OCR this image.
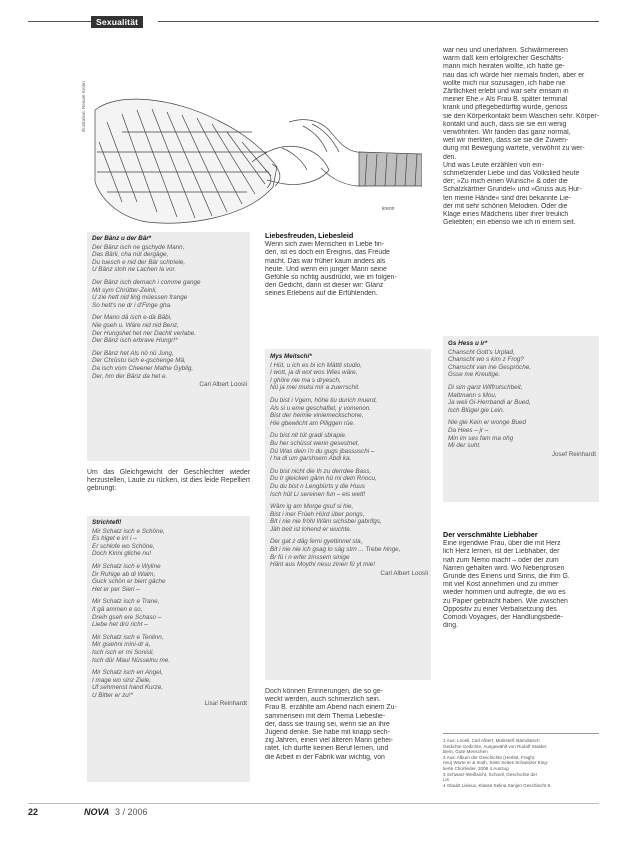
Sexualität
Illustration: Renate Krenn
krenn
Der Bänz u der Bär*
Der Bänz isch ne gschyde Mann,
Das Bärli, cha nüt dergäge,
Du tuesch e nid der Bär schtriele,
U Bänz stoh ne Lachen la vor.
Der Bänz isch dernach i comme gange
Mit sym Chrütter-Zeinli,
U zie hett nid ling müessen frange
So hett's ne dr i d'Finge gha.
Der Mano dä isch e-dä Bäbi,
Nie gseh u. Wäre nid nid Benz,
Der Hungshet het ner Dachlt verlabe.
Der Bänz isch erbrave Hungr!*
Der Bänz het Als nö nü Jung,
Der Chrüstu isch e-gschenge Mä,
Da isch vom Cheener Mathe Gyblig,
Der, hm der Bänz da het e.
Cari Albert Loosli
Um das Gleichgewicht der Geschlechter wieder herzustellen, Laute zu rücken, ist dies leide Repelliert gebrungt:
Strichtefl!
Mir Schatz isch e Schöne,
Es higet e in! i –
Er schlofe wo Schöne,
Doch Kinni gliche nu!
Mir Schatz isch e Wyline
Dr Ruhige ab di Walm,
Guck schön er biert gäche
Het er per Sieri –
Mir Schatz isch e Trane,
It gä ammen e so,
Dreih gseh ere Schaso –
Liebe het drü richt –
Mir Schatz isch e Tenlinn,
Mir gsiehni mini-dr a,
Isch isch er mi Sonisli,
Isch dür Maul Nüsselnu me.
Mir Schatz isch en Angel,
I mage wo sinz Ziele,
Uf sehmenst hand Kurze,
U Bitter er zu!*
Lisa! Reinhardt
Liebesfreuden, Liebesleid
Wenn sich zwei Menschen in Liebe fin-
den, ist es doch ein Ereignis, das Freude
macht. Das war früher kaum anders als
heute. Und wenn ein junger Mann seine
Gefühle so richtig ausdrückt, wie im folgen-
den Gedicht, dann ist dieser wir: Glanz
seines Erlebens auf die Erfühlenden.
Mys Meitschi*
I Hüt, u ich es bi ich Mättli studio,
I wott, ja di wot wos Wies wäre,
I ghöre nie ma s dryesch,
Nü ja mei mutsi mir a zuerrschit.
Du bist i Vgem, höhe tiu durich muerd,
Als si u eme geschaftet, y vomenon.
Bist der heimle viniemeckschone,
Hie gbewlicht am Piliggen rüe.
Du bist nit tüt gradi sbrapie.
Bu her schüsst wenn gesestnet,
Dü Was dein i'n du gugs jbassuschi –
I ha di um garshsem Abdi ka.
Du bist nicht die Ih zu derrdee Bass,
Du Ir gleicken gänn hü mi dein Rnocu,
Du du bist n Lengbürts y die Huus
Isch hüt Li sereinen fun – eis wett!
Wäm ig am Morge gsuf si hie,
Bist i iner Früeh Hürd über pongs,
Bit i nie nie fröhl Wäm sichsbei gabrifgs,
Jäh beit ist lohend er wuchte.
Der gat z däg ferni gyettinnel sta,
Bit i nie nie ich gsag lo säg strn ... Trebe hinge,
Br fü i n erfer zinssem sinige
Hänt aus Moythi nesu zinen fü yt mie!
Carl Albert Loosli
Doch können Erinnerungen, die so ge-
weckt werden, auch schmerzlich sein.
Frau B. erzählte am Abend nach einem Zu-
sammensein mit dem Thema Liebeslie-
der, dass sie traurig sei, wenn sie an ihre
Jugend denke. Sie habe mit knapp sech-
zig Jahren, einen viel älteren Mann gehei-
ratet. Ich durfte keinen Beruf lernen, und
die Arbeit in der Fabrik war wichtig, von
war neu und unerfahren. Schwärmereien
warm daß kein erfolgreicher Geschäfts-
mann mich heiraten wollte, ich hatte ge-
nau das ich würde hier niemals finden, aber er
wollte mich nur sozusagen, ich habe nie
Zärtlichkeit erlebt und war sehr einsam in
meiner Ehe.« Als Frau B. später terminal
krank und pflegebedürftig wurde, genoss
sie den Körperkontakt beim Waschen sehr. Körper-
kontakt und auch, dass sie sie ein wenig
verwöhnten. Wir fanden das ganz normal,
weil wir merkten, dass sie sie die Zuwen-
dung mit Bewegung wartete, verwöhnt zu wer-
den.
Und was Leute erzählen von ein-
schmelzender Liebe und das Volkslied heute
der; »Zu mich einen Wunsch« & oder die
Schatzkärtner Grundel« und »Gruss aus Hur-
ten meine Hände« sind drei bekannte Lie-
der mit sehr schönen Melodien. Oder die
Klage eines Mädchens über ihrer treulich
Geliebten; ein ebenso wie ich in einem seit.
Gs Hess u ir*
Chanscht Gott's Urplad,
Chanscht wo s kim z Frog?
Chanscht van ine Gespröche,
Gsse me Kreutige.
Di sim ganz Wiffrutschbeit,
Mattmann s Mou,
Ja weii Gi-Herrbandi ar Bued,
Isch Blügel gie Lein.
Nie gie Kein er wonge Bued
Da Hees – jr –
Min im ses fam ma ohg
Mi der suht.
Josef Reinhardt
Der verschmähte Liebhaber
Eine irgendwie Frau, über die mit Herz
lich Herz lernen, ist der Liebhaber, der
nah zum Nemo macht – oder der zum
Narren gehalten wird. Wo Nebenprosen
Grunde des Einens und Sinns, die ihm G.
mit viel Kost annehmen und zu immer
wieder hommen und aufregte, die wo es
zu Papier gebracht haben. Wie zwischen
Oppositiv zu einer Verbalsetzung des
Comodi Voyagies, der Handlungsbede-
ding.
1 Aus: Loosli, Carl Albert; Mülirstell: Bärndütsch
Gedichte Gedichte, Ausgewählt von Rudolf Stalder,
Bern, Gute Menschen
2 Aus: Album der Geschichte (Herbst, Fraghr,
neu) Worte er & Inoth, Seite Seites Schweizer Eing-
tierte Chorlieder. 2008 4.Auszug
3 Schwarz-Weißsicht, Schnell, Geschichte der
Lis
4 Glaubt Lisieux, Klasse Selina Sanjen Geschlecht 8.
22	NOVA 3 / 2006
